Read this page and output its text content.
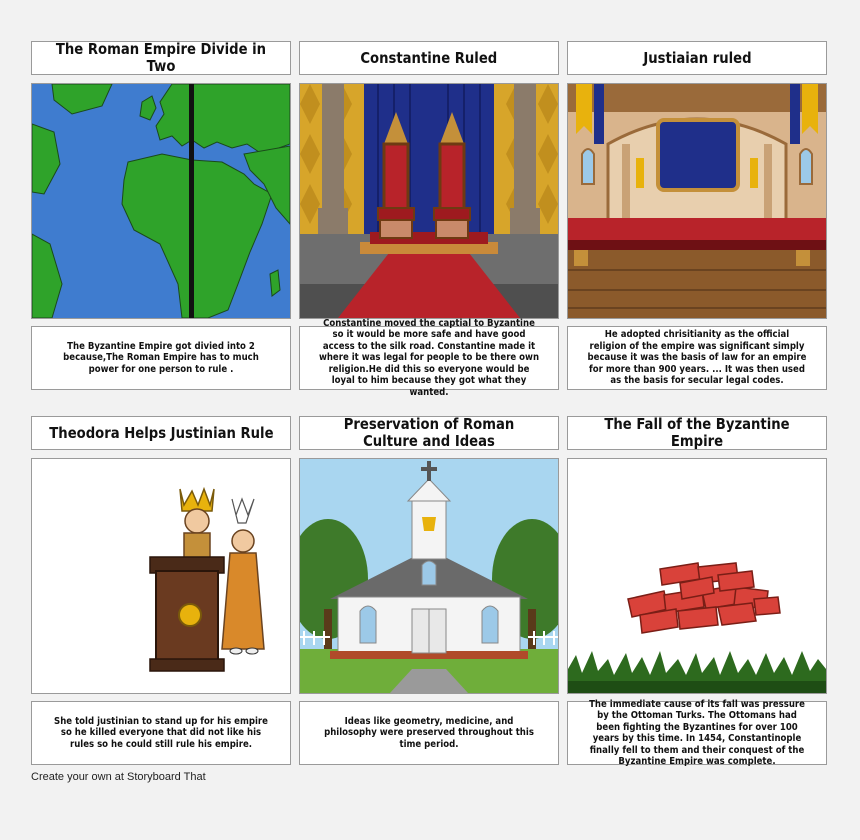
The Roman Empire Divide in Two	Constantine Ruled	Justiaian ruled
The Byzantine Empire got divied into 2 because,The Roman Empire has to much power for one person to rule .
Constantine moved the captial to Byzantine so it would be more safe and have good access to the silk road. Constantine made it where it was legal for people to be there own religion.He did this so everyone would be loyal to him because they got what they wanted.
He adopted chrisitianity as the official religion of the empire was significant simply because it was the basis of law for an empire for more than 900 years. ... It was then used as the basis for secular legal codes.
Theodora Helps Justinian Rule	Preservation of Roman Culture and Ideas
The Fall of the Byzantine Empire
She told justinian to stand up for his empire so he killed everyone that did not like his rules so he could still rule his empire.
Ideas like geometry, medicine, and philosophy were preserved throughout this time period.
The immediate cause of its fall was pressure by the Ottoman Turks. The Ottomans had been fighting the Byzantines for over 100 years by this time. In 1454, Constantinople finally fell to them and their conquest of the Byzantine Empire was complete.
Create your own at Storyboard That
